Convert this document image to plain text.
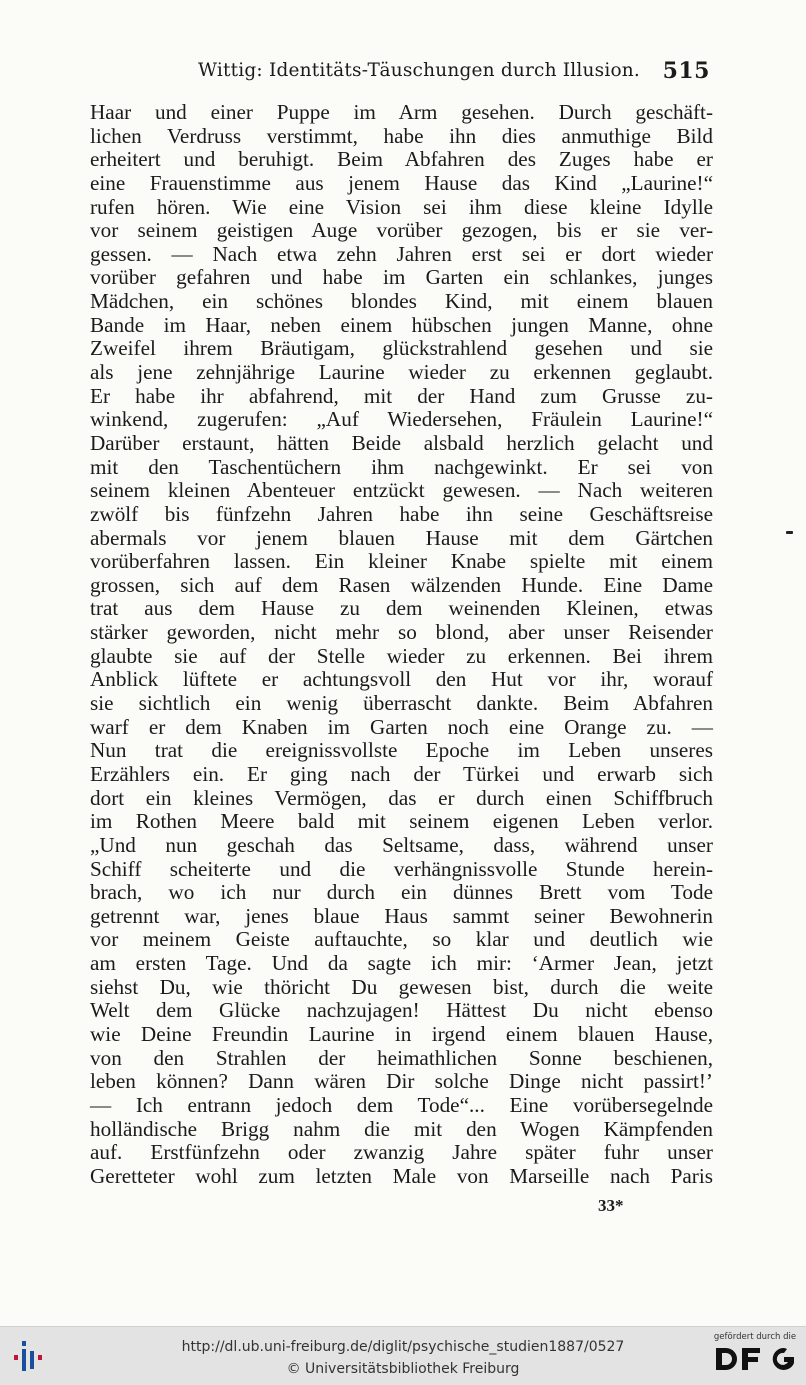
Wittig: Identitäts-Täuschungen durch Illusion. 515
Haar und einer Puppe im Arm gesehen. Durch geschäft-
lichen Verdruss verstimmt, habe ihn dies anmuthige Bild
erheitert und beruhigt. Beim Abfahren des Zuges habe er
eine Frauenstimme aus jenem Hause das Kind „Laurine!“
rufen hören. Wie eine Vision sei ihm diese kleine Idylle
vor seinem geistigen Auge vorüber gezogen, bis er sie ver-
gessen. — Nach etwa zehn Jahren erst sei er dort wieder
vorüber gefahren und habe im Garten ein schlankes, junges
Mädchen, ein schönes blondes Kind, mit einem blauen
Bande im Haar, neben einem hübschen jungen Manne, ohne
Zweifel ihrem Bräutigam, glückstrahlend gesehen und sie
als jene zehnjährige Laurine wieder zu erkennen geglaubt.
Er habe ihr abfahrend, mit der Hand zum Grusse zu-
winkend, zugerufen: „Auf Wiedersehen, Fräulein Laurine!“
Darüber erstaunt, hätten Beide alsbald herzlich gelacht und
mit den Taschentüchern ihm nachgewinkt. Er sei von
seinem kleinen Abenteuer entzückt gewesen. — Nach weiteren
zwölf bis fünfzehn Jahren habe ihn seine Geschäftsreise
abermals vor jenem blauen Hause mit dem Gärtchen
vorüberfahren lassen. Ein kleiner Knabe spielte mit einem
grossen, sich auf dem Rasen wälzenden Hunde. Eine Dame
trat aus dem Hause zu dem weinenden Kleinen, etwas
stärker geworden, nicht mehr so blond, aber unser Reisender
glaubte sie auf der Stelle wieder zu erkennen. Bei ihrem
Anblick lüftete er achtungsvoll den Hut vor ihr, worauf
sie sichtlich ein wenig überrascht dankte. Beim Abfahren
warf er dem Knaben im Garten noch eine Orange zu. —
Nun trat die ereignissvollste Epoche im Leben unseres
Erzählers ein. Er ging nach der Türkei und erwarb sich
dort ein kleines Vermögen, das er durch einen Schiffbruch
im Rothen Meere bald mit seinem eigenen Leben verlor.
„Und nun geschah das Seltsame, dass, während unser
Schiff scheiterte und die verhängnissvolle Stunde herein-
brach, wo ich nur durch ein dünnes Brett vom Tode
getrennt war, jenes blaue Haus sammt seiner Bewohnerin
vor meinem Geiste auftauchte, so klar und deutlich wie
am ersten Tage. Und da sagte ich mir: ‘Armer Jean, jetzt
siehst Du, wie thöricht Du gewesen bist, durch die weite
Welt dem Glücke nachzujagen! Hättest Du nicht ebenso
wie Deine Freundin Laurine in irgend einem blauen Hause,
von den Strahlen der heimathlichen Sonne beschienen,
leben können? Dann wären Dir solche Dinge nicht passirt!’
— Ich entrann jedoch dem Tode“... Eine vorübersegelnde
holländische Brigg nahm die mit den Wogen Kämpfenden
auf. Erstfünfzehn oder zwanzig Jahre später fuhr unser
Geretteter wohl zum letzten Male von Marseille nach Paris
33*
http://dl.ub.uni-freiburg.de/diglit/psychische_studien1887/0527
© Universitätsbibliothek Freiburg
gefördert durch die
